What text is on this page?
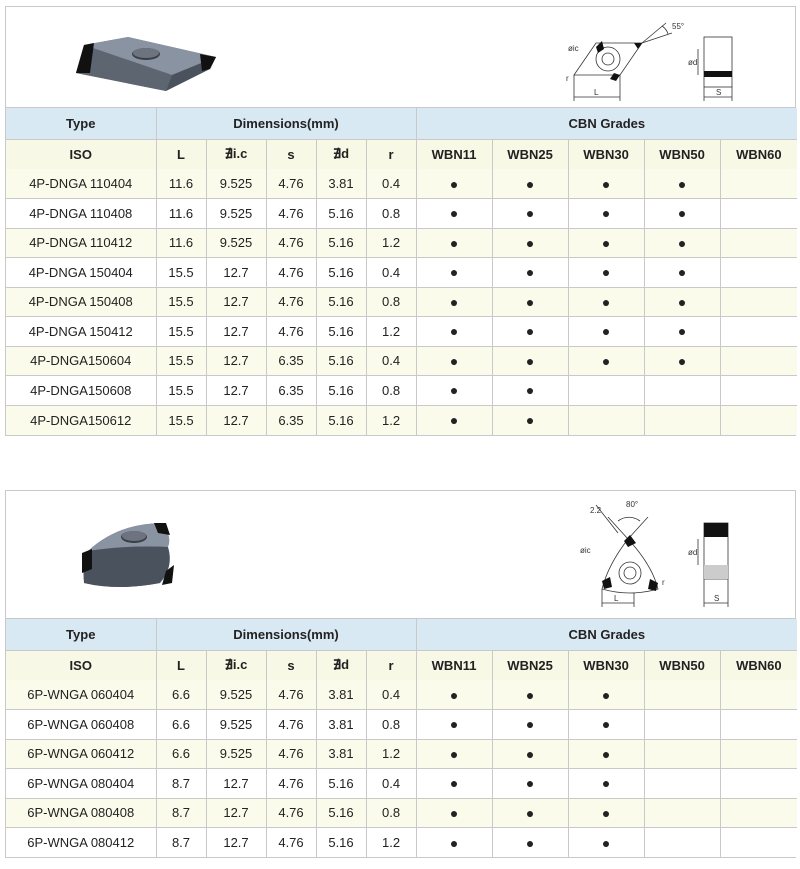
øic
55°
L
r
ød
S
Type	Dimensions(mm)					CBN Grades				
ISO	L	∄i.c	s	∄d	r	WBN11	WBN25	WBN30	WBN50	WBN60
4P-DNGA 110404	11.6	9.525	4.76	3.81	0.4	●	●	●	●	
4P-DNGA 110408	11.6	9.525	4.76	5.16	0.8	●	●	●	●	
4P-DNGA 110412	11.6	9.525	4.76	5.16	1.2	●	●	●	●	
4P-DNGA 150404	15.5	12.7	4.76	5.16	0.4	●	●	●	●	
4P-DNGA 150408	15.5	12.7	4.76	5.16	0.8	●	●	●	●	
4P-DNGA 150412	15.5	12.7	4.76	5.16	1.2	●	●	●	●	
4P-DNGA150604	15.5	12.7	6.35	5.16	0.4	●	●	●	●	
4P-DNGA150608	15.5	12.7	6.35	5.16	0.8	●	●			
4P-DNGA150612	15.5	12.7	6.35	5.16	1.2	●	●			
2.2
80°
øic
L
r
ød
S
Type	Dimensions(mm)					CBN Grades				
ISO	L	∄i.c	s	∄d	r	WBN11	WBN25	WBN30	WBN50	WBN60
6P-WNGA 060404	6.6	9.525	4.76	3.81	0.4	●	●	●		
6P-WNGA 060408	6.6	9.525	4.76	3.81	0.8	●	●	●		
6P-WNGA 060412	6.6	9.525	4.76	3.81	1.2	●	●	●		
6P-WNGA 080404	8.7	12.7	4.76	5.16	0.4	●	●	●		
6P-WNGA 080408	8.7	12.7	4.76	5.16	0.8	●	●	●		
6P-WNGA 080412	8.7	12.7	4.76	5.16	1.2	●	●	●		
